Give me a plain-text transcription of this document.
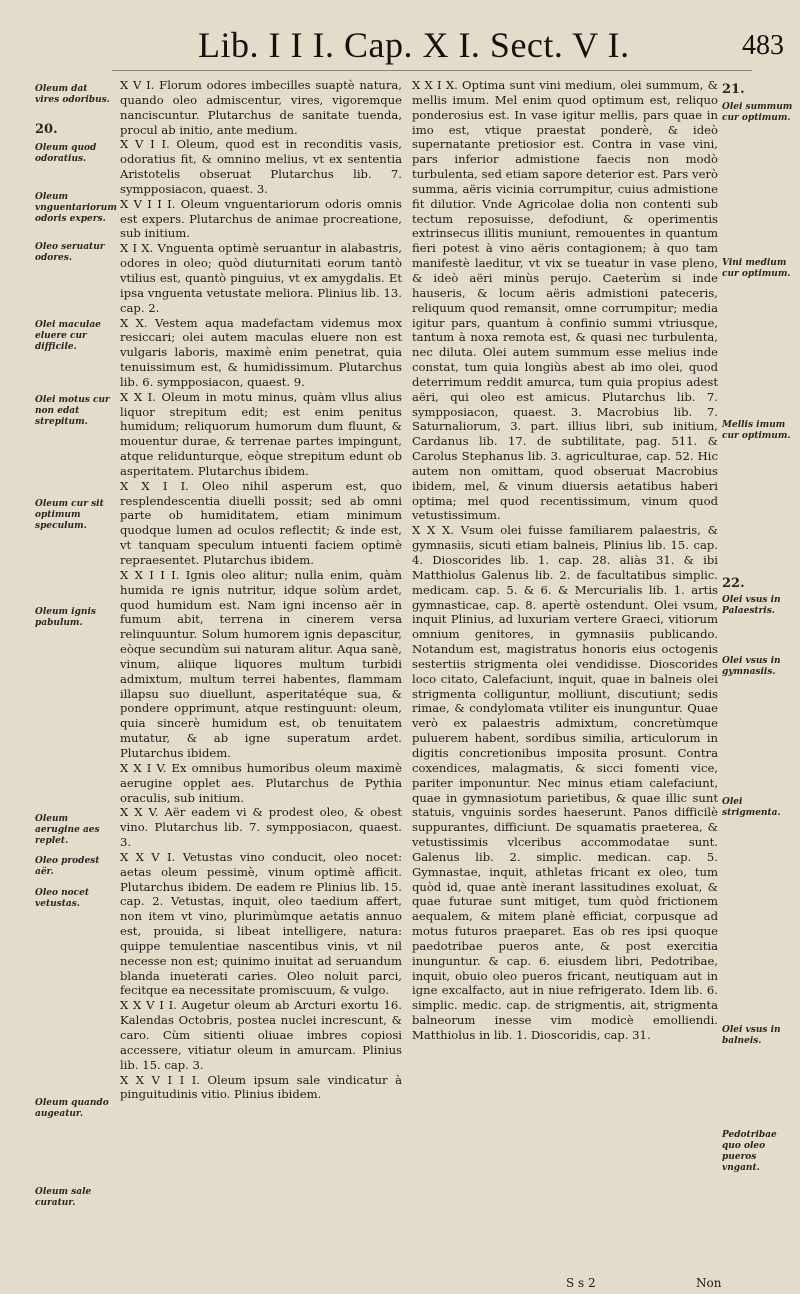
Lib. I I I. Cap. X I. Sect. V I.	483
Oleum dat vires odoribus.
20.
Oleum quod odoratius.
Oleum vnguentariorum odoris expers.
Oleo seruatur odores.
Olei maculae eluere cur difficile.
Olei motus cur non edat strepitum.
Oleum cur sit optimum speculum.
Oleum ignis pabulum.
Oleum aerugine aes replet.
Oleo prodest aër.
Oleo nocet vetustas.
Oleum quando augeatur.
Oleum sale curatur.

X V I. Florum odores imbecilles suaptè natura, quando oleo admiscentur, vires, vigoremque nanciscuntur. Plutarchus de sanitate tuenda, procul ab initio, ante medium.

X V I I. Oleum, quod est in reconditis vasis, odoratius fit, & omnino melius, vt ex sententia Aristotelis obseruat Plutarchus lib. 7. sympposiacon, quaest. 3.

X V I I I. Oleum vnguentariorum odoris omnis est expers. Plutarchus de animae procreatione, sub initium.

X I X. Vnguenta optimè seruantur in alabastris, odores in oleo; quòd diuturnitati eorum tantò vtilius est, quantò pinguius, vt ex amygdalis. Et ipsa vnguenta vetustate meliora. Plinius lib. 13. cap. 2.

X X. Vestem aqua madefactam videmus mox resiccari; olei autem maculas eluere non est vulgaris laboris, maximè enim penetrat, quia tenuissimum est, & humidissimum. Plutarchus lib. 6. sympposiacon, quaest. 9.

X X I. Oleum in motu minus, quàm vllus alius liquor strepitum edit; est enim penitus humidum; reliquorum humorum dum fluunt, & mouentur durae, & terrenae partes impingunt, atque relidunturque, eòque strepitum edunt ob asperitatem. Plutarchus ibidem.

X X I I. Oleo nihil asperum est, quo resplendescentia diuelli possit; sed ab omni parte ob humiditatem, etiam minimum quodque lumen ad oculos reflectit; & inde est, vt tanquam speculum intuenti faciem optimè repraesentet. Plutarchus ibidem.

X X I I I. Ignis oleo alitur; nulla enim, quàm humida re ignis nutritur, idque solùm ardet, quod humidum est. Nam igni incenso aër in fumum abit, terrena in cinerem versa relinquuntur. Solum humorem ignis depascitur, eòque secundùm sui naturam alitur. Aqua sanè, vinum, aliique liquores multum turbidi admixtum, multum terrei habentes, flammam illapsu suo diuellunt, asperitatéque sua, & pondere opprimunt, atque restinguunt: oleum, quia sincerè humidum est, ob tenuitatem mutatur, & ab igne superatum ardet. Plutarchus ibidem.

X X I V. Ex omnibus humoribus oleum maximè aerugine opplet aes. Plutarchus de Pythia oraculis, sub initium.

X X V. Aër eadem vi & prodest oleo, & obest vino. Plutarchus lib. 7. sympposiacon, quaest. 3.

X X V I. Vetustas vino conducit, oleo nocet: aetas oleum pessimè, vinum optimè afficit. Plutarchus ibidem. De eadem re Plinius lib. 15. cap. 2. Vetustas, inquit, oleo taedium affert, non item vt vino, plurimùmque aetatis annuo est, prouida, si libeat intelligere, natura: quippe temulentiae nascentibus vinis, vt nil necesse non est; quinimo inuitat ad seruandum blanda inueterati caries. Oleo noluit parci, fecitque ea necessitate promiscuum, & vulgo.

X X V I I. Augetur oleum ab Arcturi exortu 16. Kalendas Octobris, postea nuclei increscunt, & caro. Cùm sitienti oliuae imbres copiosi accessere, vitiatur oleum in amurcam. Plinius lib. 15. cap. 3.

X X V I I I. Oleum ipsum sale vindicatur à pinguitudinis vitio. Plinius ibidem.

X X I X. Optima sunt vini medium, olei summum, & mellis imum. Mel enim quod optimum est, reliquo ponderosius est. In vase igitur mellis, pars quae in imo est, vtique praestat ponderè, & ideò supernatante pretiosior est. Contra in vase vini, pars inferior admistione faecis non modò turbulenta, sed etiam sapore deterior est. Pars verò summa, aëris vicinia corrumpitur, cuius admistione fit dilutior. Vnde Agricolae dolia non contenti sub tectum reposuisse, defodiunt, & operimentis extrinsecus illitis muniunt, remouentes in quantum fieri potest à vino aëris contagionem; à quo tam manifestè laeditur, vt vix se tueatur in vase pleno, & ideò aëri minùs perujo. Caeterùm si inde hauseris, & locum aëris admistioni pateceris, reliquum quod remansit, omne corrumpitur; media igitur pars, quantum à confinio summi vtriusque, tantum à noxa remota est, & quasi nec turbulenta, nec diluta. Olei autem summum esse melius inde constat, tum quia longiùs abest ab imo olei, quod deterrimum reddit amurca, tum quia propius adest aëri, qui oleo est amicus. Plutarchus lib. 7. sympposiacon, quaest. 3. Macrobius lib. 7. Saturnaliorum, 3. part. illius libri, sub initium, Cardanus lib. 17. de subtilitate, pag. 511. & Carolus Stephanus lib. 3. agriculturae, cap. 52. Hic autem non omittam, quod obseruat Macrobius ibidem, mel, & vinum diuersis aetatibus haberi optima; mel quod recentissimum, vinum quod vetustissimum.

X X X. Vsum olei fuisse familiarem palaestris, & gymnasiis, sicuti etiam balneis, Plinius lib. 15. cap. 4. Dioscorides lib. 1. cap. 28. aliàs 31. & ibi Matthiolus Galenus lib. 2. de facultatibus simplic. medicam. cap. 5. & 6. & Mercurialis lib. 1. artis gymnasticae, cap. 8. apertè ostendunt. Olei vsum, inquit Plinius, ad luxuriam vertere Graeci, vitiorum omnium genitores, in gymnasiis publicando. Notandum est, magistratus honoris eius octogenis sestertiis strigmenta olei vendidisse. Dioscorides loco citato, Calefaciunt, inquit, quae in balneis olei strigmenta colliguntur, molliunt, discutiunt; sedis rimae, & condylomata vtiliter eis inunguntur. Quae verò ex palaestris admixtum, concretùmque puluerem habent, sordibus similia, articulorum in digitis concretionibus imposita prosunt. Contra coxendices, malagmatis, & sicci fomenti vice, pariter imponuntur. Nec minus etiam calefaciunt, quae in gymnasiotum parietibus, & quae illic sunt statuis, vnguinis sordes haeserunt. Panos difficilè suppurantes, difficiunt. De squamatis praeterea, & vetustissimis vlceribus accommodatae sunt. Galenus lib. 2. simplic. medican. cap. 5. Gymnastae, inquit, athletas fricant ex oleo, tum quòd id, quae antè inerant lassitudines exoluat, & quae futurae sunt mitiget, tum quòd frictionem aequalem, & mitem planè efficiat, corpusque ad motus futuros praeparet. Eas ob res ipsi quoque paedotribae pueros ante, & post exercitia inunguntur. & cap. 6. eiusdem libri, Pedotribae, inquit, obuio oleo pueros fricant, neutiquam aut in igne excalfacto, aut in niue refrigerato. Idem lib. 6. simplic. medic. cap. de strigmentis, ait, strigmenta balneorum inesse vim modicè emolliendi. Matthiolus in lib. 1. Dioscoridis, cap. 31.

21.
Olei summum cur optimum.
Vini medium cur optimum.
Mellis imum cur optimum.
22.
Olei vsus in Palaestris.
Olei vsus in gymnasiis.
Olei strigmenta.
Olei vsus in balneis.
Pedotribae quo oleo pueros vngant.
S s 2	Non
